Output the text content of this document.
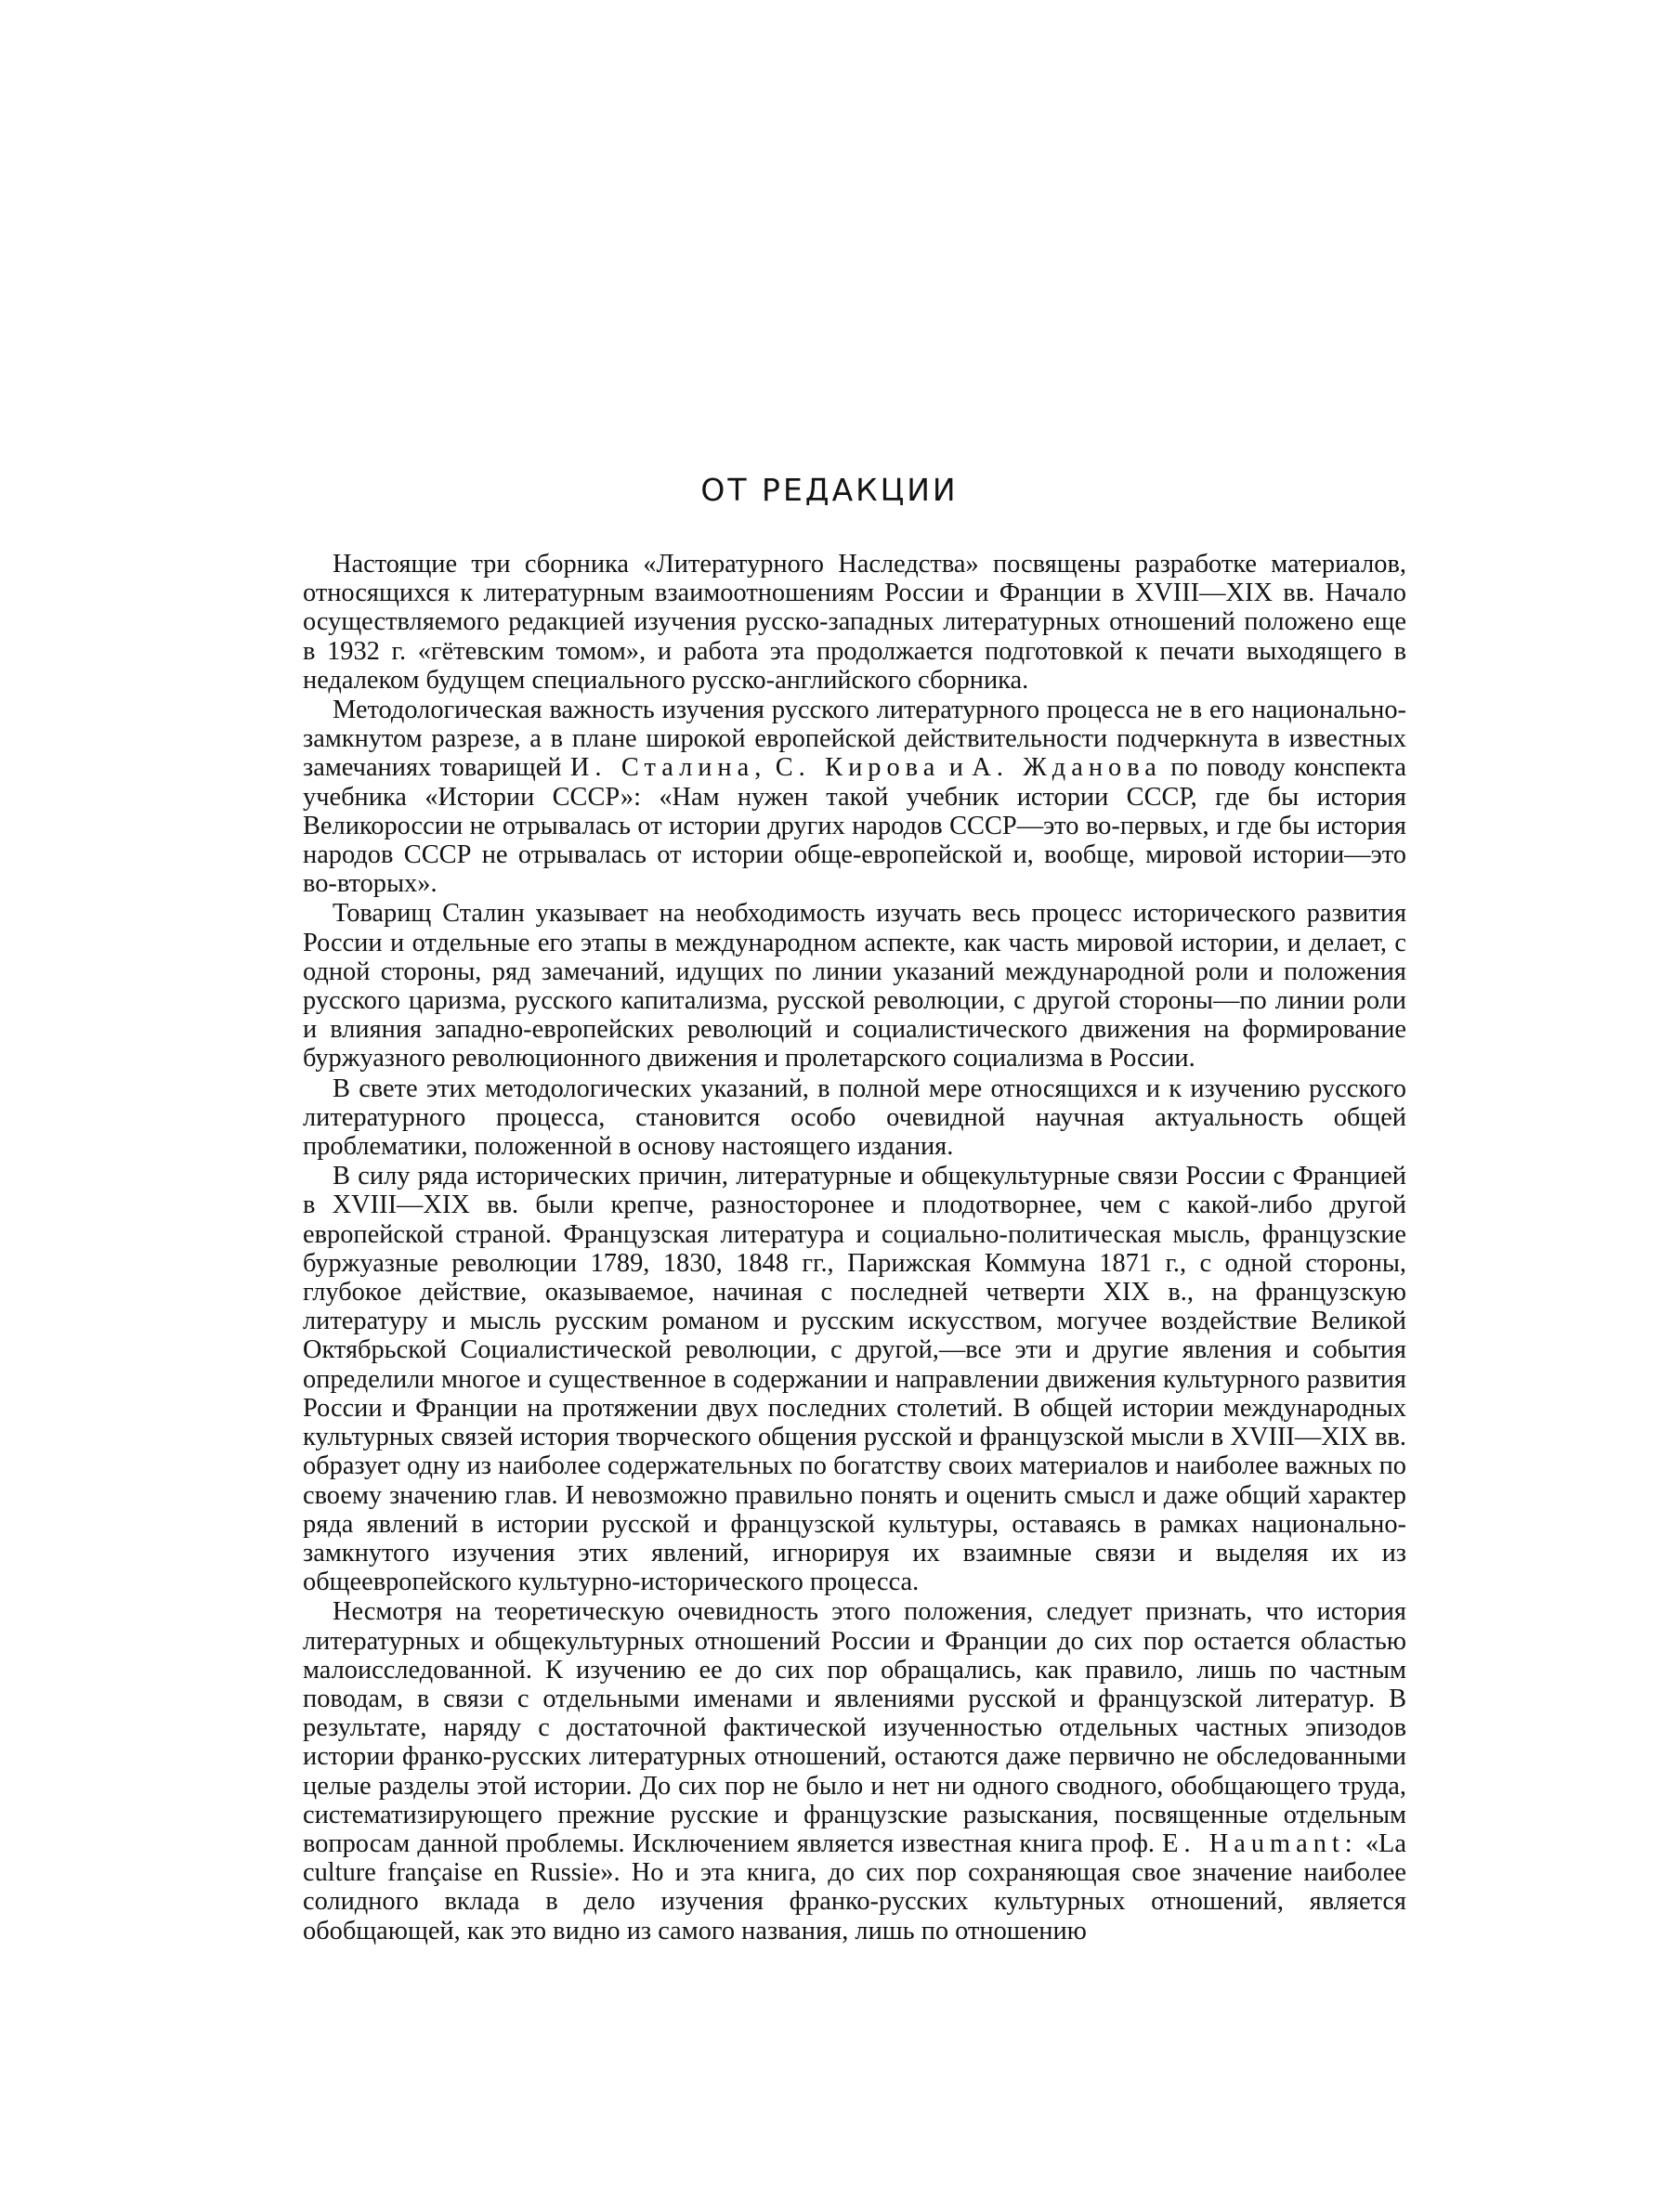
ОТ РЕДАКЦИИ

Настоящие три сборника «Литературного Наследства» посвящены разработке материалов, относящихся к литературным взаимоотношениям России и Франции в XVIII—XIX вв. Начало осуществляемого редакцией изучения русско-западных литературных отношений положено еще в 1932 г. «гётевским томом», и работа эта продолжается подготовкой к печати выходящего в недалеком будущем специального русско-английского сборника.

Методологическая важность изучения русского литературного процесса не в его национально-замкнутом разрезе, а в плане широкой европейской действительности подчеркнута в известных замечаниях товарищей И. Сталина, С. Кирова и А. Жданова по поводу конспекта учебника «Истории СССР»: «Нам нужен такой учебник истории СССР, где бы история Великороссии не отрывалась от истории других народов СССР—это во-первых, и где бы история народов СССР не отрывалась от истории обще-европейской и, вообще, мировой истории—это во-вторых».

Товарищ Сталин указывает на необходимость изучать весь процесс исторического развития России и отдельные его этапы в международном аспекте, как часть мировой истории, и делает, с одной стороны, ряд замечаний, идущих по линии указаний международной роли и положения русского царизма, русского капитализма, русской революции, с другой стороны—по линии роли и влияния западно-европейских революций и социалистического движения на формирование буржуазного революционного движения и пролетарского социализма в России.

В свете этих методологических указаний, в полной мере относящихся и к изучению русского литературного процесса, становится особо очевидной научная актуальность общей проблематики, положенной в основу настоящего издания.

В силу ряда исторических причин, литературные и общекультурные связи России с Францией в XVIII—XIX вв. были крепче, разносторонее и плодотворнее, чем с какой-либо другой европейской страной. Французская литература и социально-политическая мысль, французские буржуазные революции 1789, 1830, 1848 гг., Парижская Коммуна 1871 г., с одной стороны, глубокое действие, оказываемое, начиная с последней четверти XIX в., на французскую литературу и мысль русским романом и русским искусством, могучее воздействие Великой Октябрьской Социалистической революции, с другой,—все эти и другие явления и события определили многое и существенное в содержании и направлении движения культурного развития России и Франции на протяжении двух последних столетий. В общей истории международных культурных связей история творческого общения русской и французской мысли в XVIII—XIX вв. образует одну из наиболее содержательных по богатству своих материалов и наиболее важных по своему значению глав. И невозможно правильно понять и оценить смысл и даже общий характер ряда явлений в истории русской и французской культуры, оставаясь в рамках национально-замкнутого изучения этих явлений, игнорируя их взаимные связи и выделяя их из общеевропейского культурно-исторического процесса.

Несмотря на теоретическую очевидность этого положения, следует признать, что история литературных и общекультурных отношений России и Франции до сих пор остается областью малоисследованной. К изучению ее до сих пор обращались, как правило, лишь по частным поводам, в связи с отдельными именами и явлениями русской и французской литератур. В результате, наряду с достаточной фактической изученностью отдельных частных эпизодов истории франко-русских литературных отношений, остаются даже первично не обследованными целые разделы этой истории. До сих пор не было и нет ни одного сводного, обобщающего труда, систематизирующего прежние русские и французские разыскания, посвященные отдельным вопросам данной проблемы. Исключением является известная книга проф. E. Haumant: «La culture française en Russie». Но и эта книга, до сих пор сохраняющая свое значение наиболее солидного вклада в дело изучения франко-русских культурных отношений, является обобщающей, как это видно из самого названия, лишь по отношению
